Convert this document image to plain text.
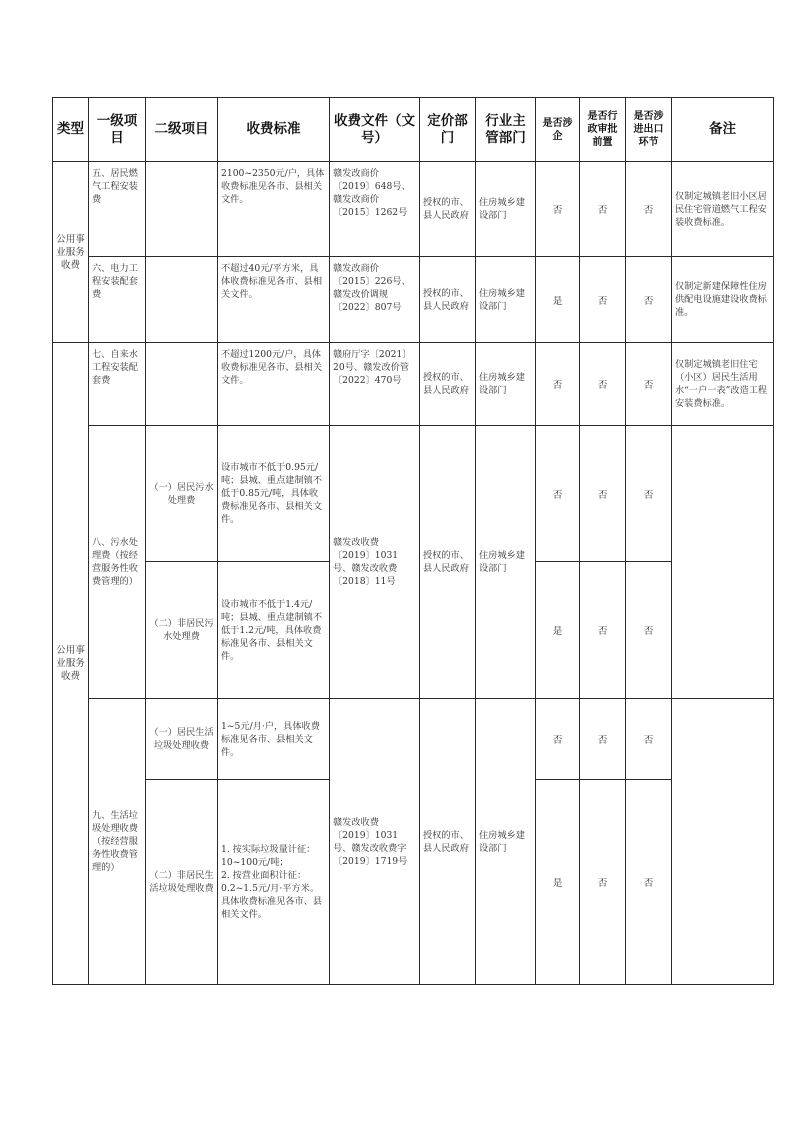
类型	一级项目	二级项目	收费标准	收费文件（文号）	定价部门	行业主管部门	是否涉企	是否行政审批前置	是否涉进出口环节	备注
公用事业服务收费	五、居民燃气工程安装费		2100~2350元/户，具体收费标准见各市、县相关文件。	赣发改商价〔2019〕648号、赣发改商价〔2015〕1262号	授权的市、县人民政府	住房城乡建设部门	否	否	否	仅制定城镇老旧小区居民住宅管道燃气工程安装收费标准。
	六、电力工程安装配套费		不超过40元/平方米，具体收费标准见各市、县相关文件。	赣发改商价〔2015〕226号、赣发改价调规〔2022〕807号	授权的市、县人民政府	住房城乡建设部门	是	否	否	仅制定新建保障性住房供配电设施建设收费标准。
公用事业服务收费	七、自来水工程安装配套费		不超过1200元/户，具体收费标准见各市、县相关文件。	赣府厅字〔2021〕20号、赣发改价管〔2022〕470号	授权的市、县人民政府	住房城乡建设部门	否	否	否	仅制定城镇老旧住宅（小区）居民生活用水“一户一表”改造工程安装费标准。
	八、污水处理费（按经营服务性收费管理的）	（一）居民污水处理费	设市城市不低于0.95元/吨；县城、重点建制镇不低于0.85元/吨，具体收费标准见各市、县相关文件。	赣发改收费〔2019〕1031号、赣发改收费〔2018〕11号	授权的市、县人民政府	住房城乡建设部门	否	否	否	
		（二）非居民污水处理费	设市城市不低于1.4元/吨；县城、重点建制镇不低于1.2元/吨，具体收费标准见各市、县相关文件。				是	否	否	
	九、生活垃圾处理收费（按经营服务性收费管理的）	（一）居民生活垃圾处理收费	1~5元/月·户，具体收费标准见各市、县相关文件。	赣发改收费〔2019〕1031号、赣发改收费字〔2019〕1719号	授权的市、县人民政府	住房城乡建设部门	否	否	否	
		（二）非居民生活垃圾处理收费	1. 按实际垃圾量计征：10~100元/吨；
2. 按营业面积计征：0.2~1.5元/月·平方米。
具体收费标准见各市、县相关文件。				是	否	否	
